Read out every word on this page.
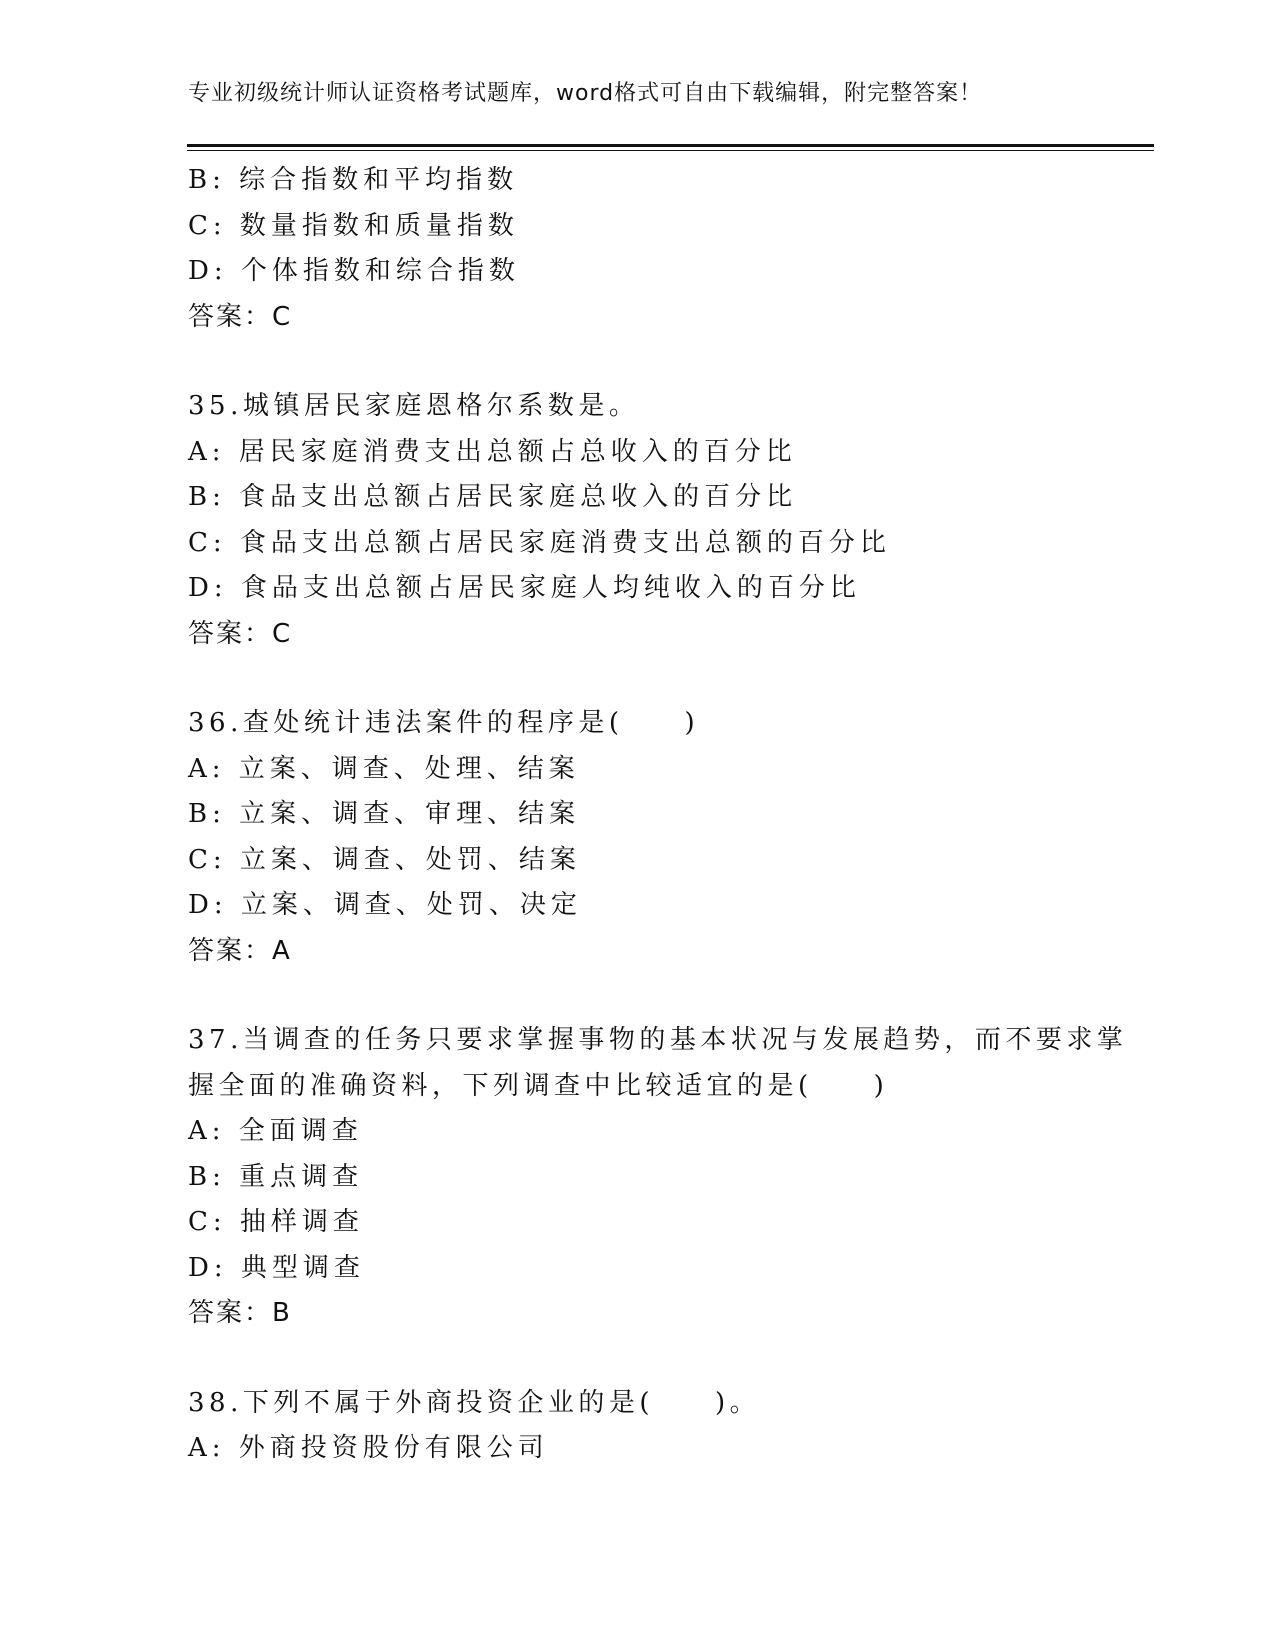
专业初级统计师认证资格考试题库，word格式可自由下载编辑，附完整答案！
B: 综合指数和平均指数
C: 数量指数和质量指数
D: 个体指数和综合指数
答案：C
35.城镇居民家庭恩格尔系数是。
A: 居民家庭消费支出总额占总收入的百分比
B: 食品支出总额占居民家庭总收入的百分比
C: 食品支出总额占居民家庭消费支出总额的百分比
D: 食品支出总额占居民家庭人均纯收入的百分比
答案：C
36.查处统计违法案件的程序是(　　)
A: 立案、调查、处理、结案
B: 立案、调查、审理、结案
C: 立案、调查、处罚、结案
D: 立案、调查、处罚、决定
答案：A
37.当调查的任务只要求掌握事物的基本状况与发展趋势，而不要求掌
握全面的准确资料，下列调查中比较适宜的是(　　)
A: 全面调查
B: 重点调查
C: 抽样调查
D: 典型调查
答案：B
38.下列不属于外商投资企业的是(　　)。
A: 外商投资股份有限公司
